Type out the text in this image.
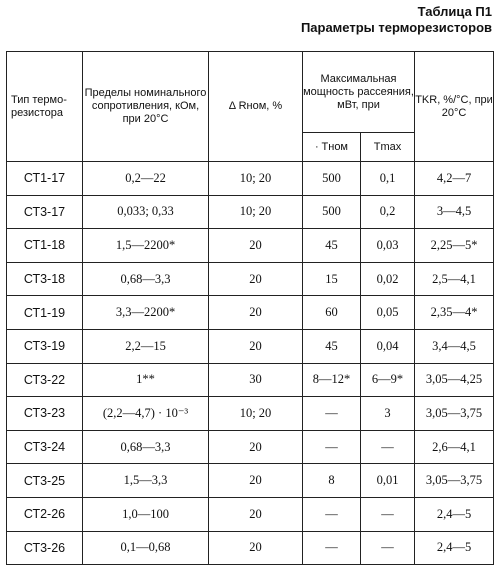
Таблица П1
Параметры терморезисторов
Тип терморезистора	Пределы номинального сопротивления, кОм, при 20°C	Δ Rном, %	Максимальная мощность рассеяния, мВт, при		TKR, %/°C, при 20°C
			· Tном	Tmax	
СТ1-17	0,2—22	10; 20	500	0,1	4,2—7
СТ3-17	0,033; 0,33	10; 20	500	0,2	3—4,5
СТ1-18	1,5—2200*	20	45	0,03	2,25—5*
СТ3-18	0,68—3,3	20	15	0,02	2,5—4,1
СТ1-19	3,3—2200*	20	60	0,05	2,35—4*
СТ3-19	2,2—15	20	45	0,04	3,4—4,5
СТ3-22	1**	30	8—12*	6—9*	3,05—4,25
СТ3-23	(2,2—4,7) · 10⁻³	10; 20	—	3	3,05—3,75
СТ3-24	0,68—3,3	20	—	—	2,6—4,1
СТ3-25	1,5—3,3	20	8	0,01	3,05—3,75
СТ2-26	1,0—100	20	—	—	2,4—5
СТ3-26	0,1—0,68	20	—	—	2,4—5
